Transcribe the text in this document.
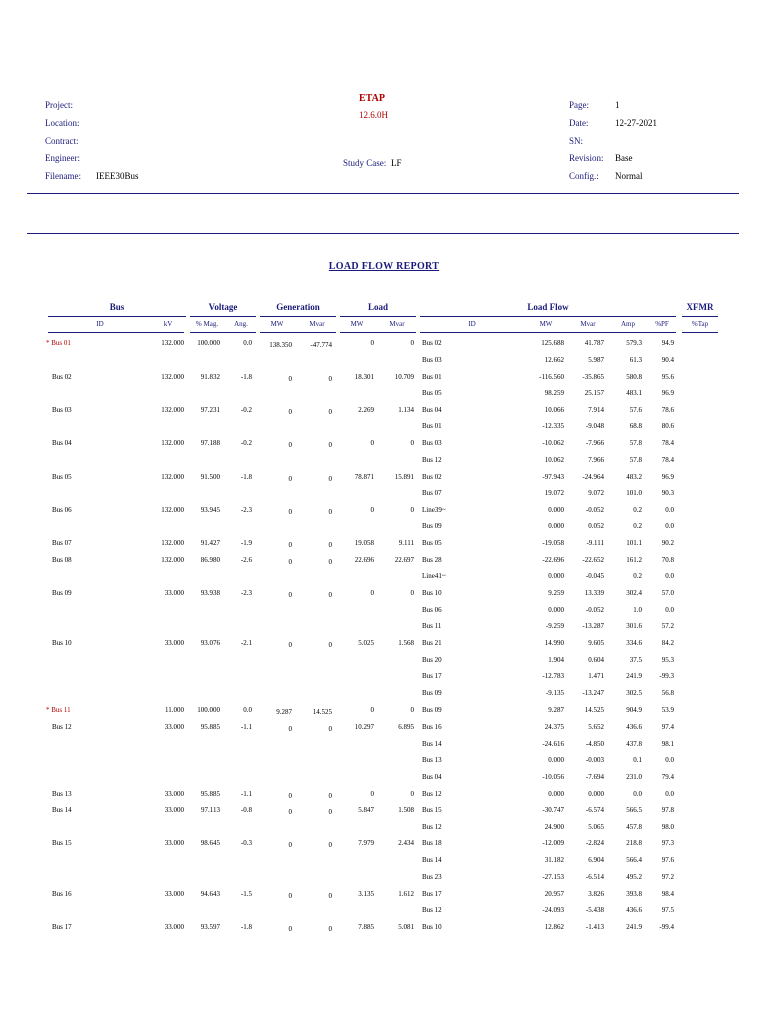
Project:
Location:
Contract:
Engineer:
Filename: IEEE30Bus
ETAP
12.6.0H
Study Case: LF
Page:	1
Date:	12-27-2021
SN:
Revision: Base
Config.: Normal
LOAD FLOW REPORT
Bus	Voltage	Generation	Load	Load Flow	XFMR
ID	kV	% Mag.	Ang.	MW	Mvar	MW	Mvar	ID	MW	Mvar	Amp	%PF	%Tap
* Bus 01	132.000	100.000	0.0	138.350	-47.774	0	0 Bus 02	125.688	41.787	579.3	94.9
Bus 03	12.662	5.987	61.3	90.4
Bus 02	132.000	91.832	-1.8	0	0	18.301	10.709 Bus 01	-116.560	-35.865	580.8	95.6
Bus 05	98.259	25.157	483.1	96.9
Bus 03	132.000	97.231	-0.2	0	0	2.269	1.134 Bus 04	10.066	7.914	57.6	78.6
Bus 01	-12.335	-9.048	68.8	80.6
Bus 04	132.000	97.188	-0.2	0	0	0	0 Bus 03	-10.062	-7.966	57.8	78.4
Bus 12	10.062	7.966	57.8	78.4
Bus 05	132.000	91.500	-1.8	0	0	78.871	15.891 Bus 02	-97.943	-24.964	483.2	96.9
Bus 07	19.072	9.072	101.0	90.3
Bus 06	132.000	93.945	-2.3	0	0	0	0 Line39~	0.000	-0.052	0.2	0.0
Bus 09	0.000	0.052	0.2	0.0
Bus 07	132.000	91.427	-1.9	0	0	19.058	9.111 Bus 05	-19.058	-9.111	101.1	90.2
Bus 08	132.000	86.980	-2.6	0	0	22.696	22.697 Bus 28	-22.696	-22.652	161.2	70.8
Line41~	0.000	-0.045	0.2	0.0
Bus 09	33.000	93.938	-2.3	0	0	0	0 Bus 10	9.259	13.339	302.4	57.0
Bus 06	0.000	-0.052	1.0	0.0
Bus 11	-9.259	-13.287	301.6	57.2
Bus 10	33.000	93.076	-2.1	0	0	5.025	1.568 Bus 21	14.990	9.605	334.6	84.2
Bus 20	1.904	0.604	37.5	95.3
Bus 17	-12.783	1.471	241.9	-99.3
Bus 09	-9.135	-13.247	302.5	56.8
* Bus 11	11.000	100.000	0.0	9.287	14.525	0	0 Bus 09	9.287	14.525	904.9	53.9
Bus 12	33.000	95.885	-1.1	0	0	10.297	6.895 Bus 16	24.375	5.652	436.6	97.4
Bus 14	-24.616	-4.850	437.8	98.1
Bus 13	0.000	-0.003	0.1	0.0
Bus 04	-10.056	-7.694	231.0	79.4
Bus 13	33.000	95.885	-1.1	0	0	0	0 Bus 12	0.000	0.000	0.0	0.0
Bus 14	33.000	97.113	-0.8	0	0	5.847	1.508 Bus 15	-30.747	-6.574	566.5	97.8
Bus 12	24.900	5.065	457.8	98.0
Bus 15	33.000	98.645	-0.3	0	0	7.979	2.434 Bus 18	-12.009	-2.824	218.8	97.3
Bus 14	31.182	6.904	566.4	97.6
Bus 23	-27.153	-6.514	495.2	97.2
Bus 16	33.000	94.643	-1.5	0	0	3.135	1.612 Bus 17	20.957	3.826	393.8	98.4
Bus 12	-24.093	-5.438	436.6	97.5
Bus 17	33.000	93.597	-1.8	0	0	7.885	5.081 Bus 10	12.862	-1.413	241.9	-99.4
